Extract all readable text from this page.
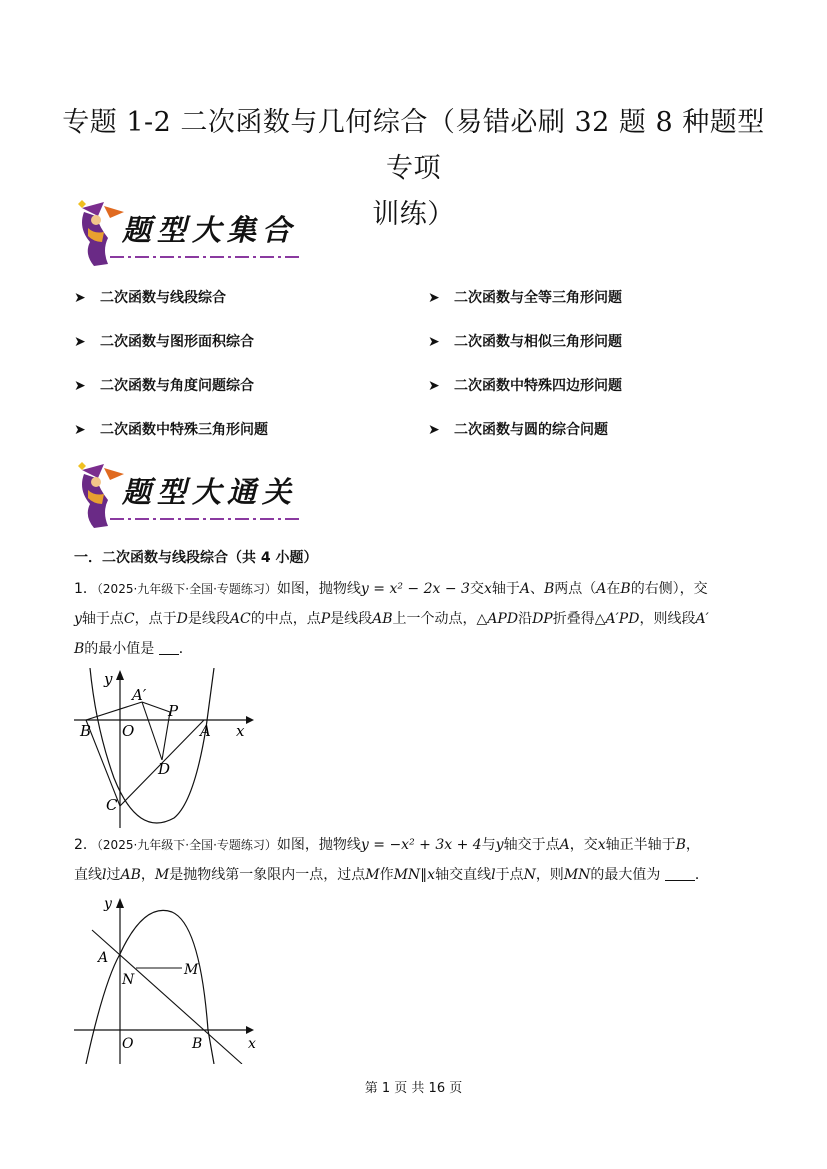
专题 1-2 二次函数与几何综合（易错必刷 32 题 8 种题型专项
训练）
题型大集合
➤ 二次函数与线段综合
➤ 二次函数与图形面积综合
➤ 二次函数与角度问题综合
➤ 二次函数中特殊三角形问题
➤ 二次函数与全等三角形问题
➤ 二次函数与相似三角形问题
➤ 二次函数中特殊四边形问题
➤ 二次函数与圆的综合问题
题型大通关
一．二次函数与线段综合（共 4 小题）
1．（2025·九年级下·全国·专题练习）如图，抛物线y = x² − 2x − 3交x轴于A、B两点（A在B的右侧），交
y轴于点C，点于D是线段AC的中点，点P是线段AB上一个动点，△APD沿DP折叠得△A′PD，则线段A′
B的最小值是 ．
y
A′
P
B O	A x
D
C
2．（2025·九年级下·全国·专题练习）如图，抛物线y = −x² + 3x + 4与y轴交于点A，交x轴正半轴于B，
直线l过AB，M是抛物线第一象限内一点，过点M作MN∥x轴交直线l于点N，则MN的最大值为 ．
y
A
M
N
O	B	x
第 1 页 共 16 页
